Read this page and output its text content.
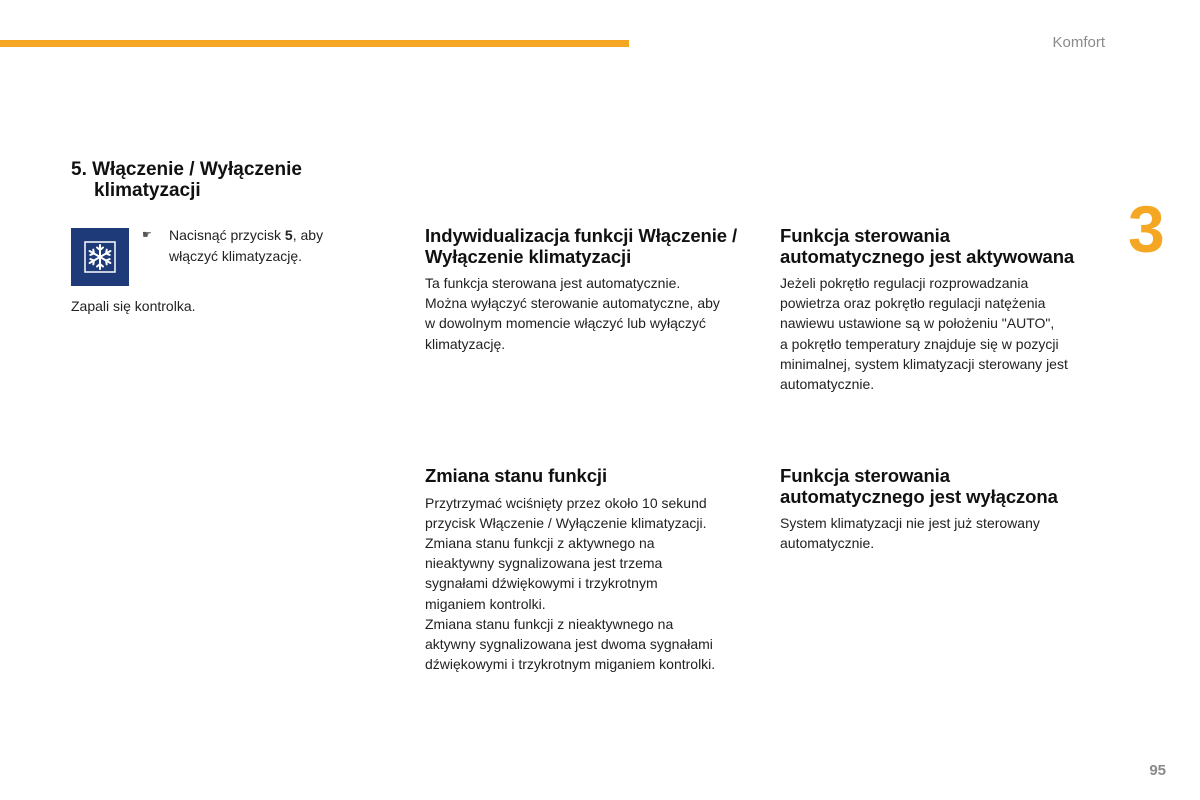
Komfort
3
5. Włączenie / Wyłączenie
klimatyzacji
☛	Nacisnąć przycisk 5, aby włączyć klimatyzację.

Zapali się kontrolka.

Indywidualizacja funkcji Włączenie /
Wyłączenie klimatyzacji

Ta funkcja sterowana jest automatycznie.
Można wyłączyć sterowanie automatyczne, aby
w dowolnym momencie włączyć lub wyłączyć
klimatyzację.

Funkcja sterowania
automatycznego jest aktywowana

Jeżeli pokrętło regulacji rozprowadzania
powietrza oraz pokrętło regulacji natężenia
nawiewu ustawione są w położeniu "AUTO",
a pokrętło temperatury znajduje się w pozycji
minimalnej, system klimatyzacji sterowany jest
automatycznie.

Zmiana stanu funkcji

Przytrzymać wciśnięty przez około 10 sekund
przycisk Włączenie / Wyłączenie klimatyzacji.
Zmiana stanu funkcji z aktywnego na
nieaktywny sygnalizowana jest trzema
sygnałami dźwiękowymi i trzykrotnym
miganiem kontrolki.
Zmiana stanu funkcji z nieaktywnego na
aktywny sygnalizowana jest dwoma sygnałami
dźwiękowymi i trzykrotnym miganiem kontrolki.

Funkcja sterowania
automatycznego jest wyłączona

System klimatyzacji nie jest już sterowany
automatycznie.

95
